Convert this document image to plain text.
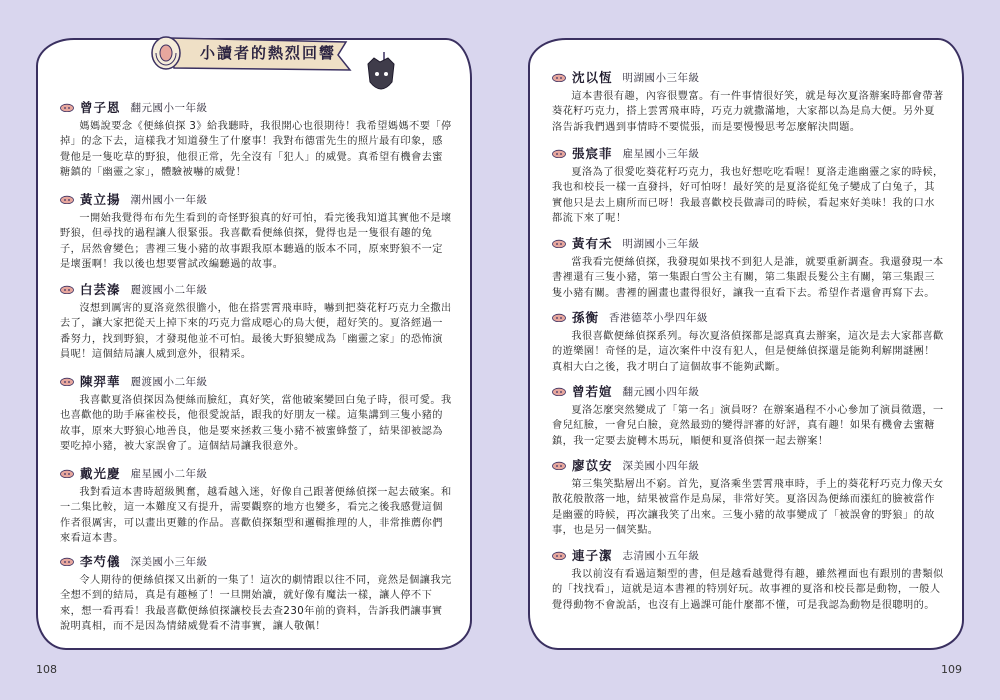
小讀者的熱烈回響
曾子恩 翻元國小一年級

媽媽說要念《便絲偵探 3》給我聽時，我很開心也很期待！我希望媽媽不要「停掉」的念下去，這樣我才知道發生了什麼事！我對布德雷先生的照片最有印象，感覺他是一隻吃草的野狼，他很正常，先全沒有「犯人」的威覺。真希望有機會去蜜糖鎮的「幽靈之家」，體驗被嚇的威覺！

黃立揚 潮州國小一年級

一開始我覺得布布先生看到的奇怪野狼真的好可怕，看完後我知道其實他不是壞野狼，但尋找的過程讓人很緊張。我喜歡看便絲偵探，覺得也是一隻很有趣的兔子，居然會變色；書裡三隻小豬的故事跟我原本聽過的版本不同，原來野狼不一定是壞蛋啊！我以後也想要嘗試改編聽過的故事。

白芸溱 麗渡國小二年級

沒想到厲害的夏洛竟然很膽小，他在搭雲霄飛車時，嚇到把葵花籽巧克力全撒出去了，讓大家把從天上掉下來的巧克力當成噁心的鳥大便，超好笑的。夏洛經過一番努力，找到野狼，才發現他並不可怕。最後大野狼變成為「幽靈之家」的恐怖演員呢！這個結局讓人威到意外，很精采。

陳羿華 麗渡國小二年級

我喜歡夏洛偵探因為便絲而臉紅，真好笑，當他破案變回白兔子時，很可愛。我也喜歡他的助手麻雀校長，他很愛說話，跟我的好朋友一樣。這集講到三隻小豬的故事，原來大野狼心地善良，他是要來拯救三隻小豬不被蜜蜂螫了，結果卻被認為要吃掉小豬，被大家誤會了。這個結局讓我很意外。

戴光慶 雇星國小二年級

我對看這本書時超級興奮，越看越入迷，好像自己跟著便絲偵探一起去破案。和一二集比較，這一本難度又有提升，需要觀察的地方也變多，看完之後我感覺這個作者很厲害，可以畫出更難的作品。喜歡偵探類型和邏輯推理的人，非常推薦你們來看這本書。

李芍儀 深美國小三年級

令人期待的便絲偵探又出新的一集了！這次的劇情跟以往不同，竟然是個讓我完全想不到的結局，真是有趣極了！一旦開始讀，就好像有魔法一樣，讓人停不下來，想一看再看！我最喜歡便絲偵探讓校長去查230年前的資料，告訴我們讓事實說明真相，而不是因為情緒威覺看不清事實，讓人敬佩！

沈以恆 明湖國小三年級

這本書很有趣，內容很豐富。有一件事情很好笑，就是每次夏洛辦案時都會帶著葵花籽巧克力，搭上雲霄飛車時，巧克力就撒滿地，大家都以為是鳥大便。另外夏洛告訴我們遇到事情時不要慌張，而是要慢慢思考怎麼解決問題。

張宸菲 雇星國小三年級

夏洛為了很愛吃葵花籽巧克力，我也好想吃吃看喔！夏洛走進幽靈之家的時候，我也和校長一樣一直發抖，好可怕呀！最好笑的是夏洛從紅兔子變成了白兔子，其實他只是去上廁所而已呀！我最喜歡校長做壽司的時候，看起來好美味！我的口水都流下來了呢！

黃有禾 明湖國小三年級

當我看完便絲偵探，我發現如果找不到犯人是誰，就要重新調查。我還發現一本書裡還有三隻小豬，第一集跟白雪公主有關，第二集跟長髮公主有關，第三集跟三隻小豬有關。書裡的圖畫也畫得很好，讓我一直看下去。希望作者還會再寫下去。

孫衡 香港德萃小學四年級

我很喜歡便絲偵探系列。每次夏洛偵探都是認真真去辦案，這次是去大家都喜歡的遊樂園！奇怪的是，這次案件中沒有犯人，但是便絲偵探還是能夠利解開謎團！真相大白之後，我才明白了這個故事不能夠武斷。

曾若媗 翻元國小四年級

夏洛怎麼突然變成了「第一名」演員呀？在辦案過程不小心參加了演員徵選，一會兒紅臉，一會兒白臉，竟然最勁的變得評審的好評，真有趣！如果有機會去蜜糖鎮，我一定要去旋轉木馬玩，順便和夏洛偵探一起去辦案！

廖苡安 深美國小四年級

第三集笑點層出不窮。首先，夏洛乘坐雲霄飛車時，手上的葵花籽巧克力像天女散花般散落一地，結果被當作是鳥屎，非常好笑。夏洛因為便絲而漲紅的臉被當作是幽靈的時候，再次讓我笑了出來。三隻小豬的故事變成了「被誤會的野狼」的故事，也是另一個笑點。

連子潔 志清國小五年級

我以前沒有看過這類型的書，但是越看越覺得有趣，雖然裡面也有跟別的書類似的「找找看」，這就是這本書裡的特別好玩。故事裡的夏洛和校長都是動物，一般人覺得動物不會說話，也沒有上過課可能什麼都不懂，可是我認為動物是很聰明的。

108	109
